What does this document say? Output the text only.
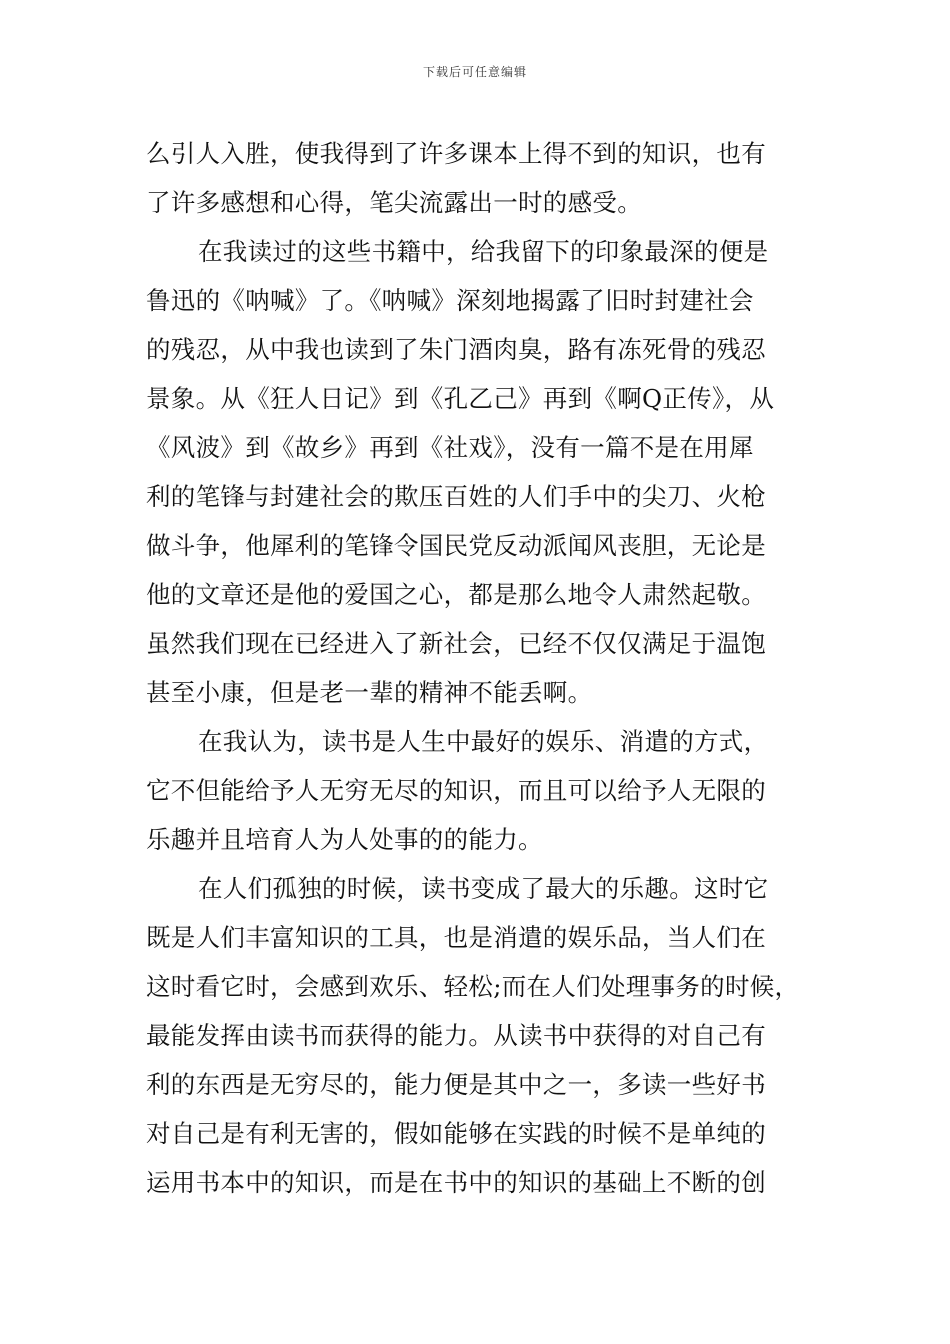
下载后可任意编辑
么引人入胜，使我得到了许多课本上得不到的知识，也有
了许多感想和心得，笔尖流露出一时的感受。
在我读过的这些书籍中，给我留下的印象最深的便是
鲁迅的《呐喊》了。《呐喊》深刻地揭露了旧时封建社会
的残忍，从中我也读到了朱门酒肉臭，路有冻死骨的残忍
景象。从《狂人日记》到《孔乙己》再到《啊Q正传》，从
《风波》到《故乡》再到《社戏》，没有一篇不是在用犀
利的笔锋与封建社会的欺压百姓的人们手中的尖刀、火枪
做斗争，他犀利的笔锋令国民党反动派闻风丧胆，无论是
他的文章还是他的爱国之心，都是那么地令人肃然起敬。
虽然我们现在已经进入了新社会，已经不仅仅满足于温饱
甚至小康，但是老一辈的精神不能丢啊。
在我认为，读书是人生中最好的娱乐、消遣的方式，
它不但能给予人无穷无尽的知识，而且可以给予人无限的
乐趣并且培育人为人处事的的能力。
在人们孤独的时候，读书变成了最大的乐趣。这时它
既是人们丰富知识的工具，也是消遣的娱乐品，当人们在
这时看它时，会感到欢乐、轻松;而在人们处理事务的时候，
最能发挥由读书而获得的能力。从读书中获得的对自己有
利的东西是无穷尽的，能力便是其中之一，多读一些好书
对自己是有利无害的，假如能够在实践的时候不是单纯的
运用书本中的知识，而是在书中的知识的基础上不断的创
